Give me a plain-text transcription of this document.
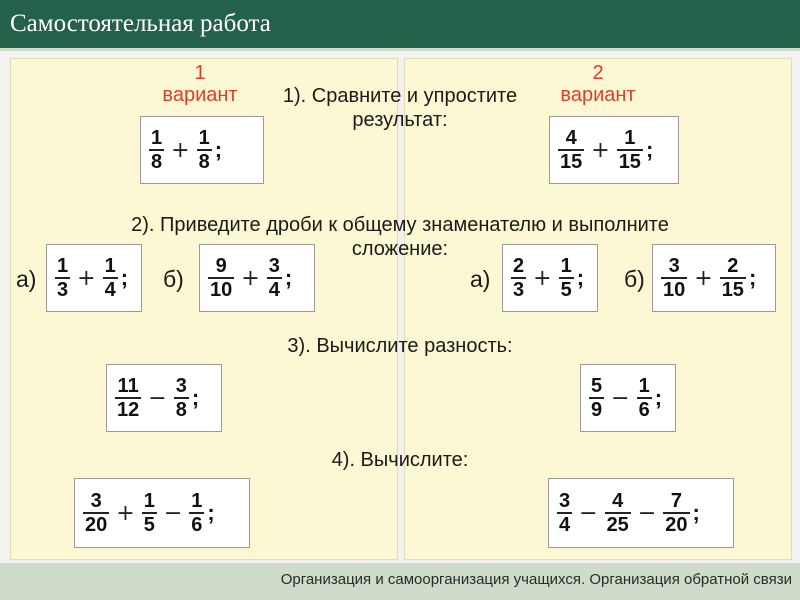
Самостоятельная работа
1
вариант
2
вариант
1). Сравните и упростите
результат:
$\frac{1}{8} + \frac{1}{8}$ ;	$\frac{4}{15} + \frac{1}{15}$ ;
2). Приведите дроби к общему знаменателю и выполните
сложение:
$а) \frac{1}{3} + \frac{1}{4}$ ; $б) \frac{9}{10} + \frac{3}{4}$ ;	$а) \frac{2}{3} + \frac{1}{5}$ ; $б) \frac{3}{10} + \frac{2}{15}$ ;
3). Вычислите разность:
$\frac{11}{12} - \frac{3}{8}$ ;	$\frac{5}{9} - \frac{1}{6}$ ;
4). Вычислите:
$\frac{3}{20} + \frac{1}{5} - \frac{1}{6}$ ;	$\frac{3}{4} - \frac{4}{25} - \frac{7}{20}$ ;
Организация и самоорганизация учащихся. Организация обратной связи
